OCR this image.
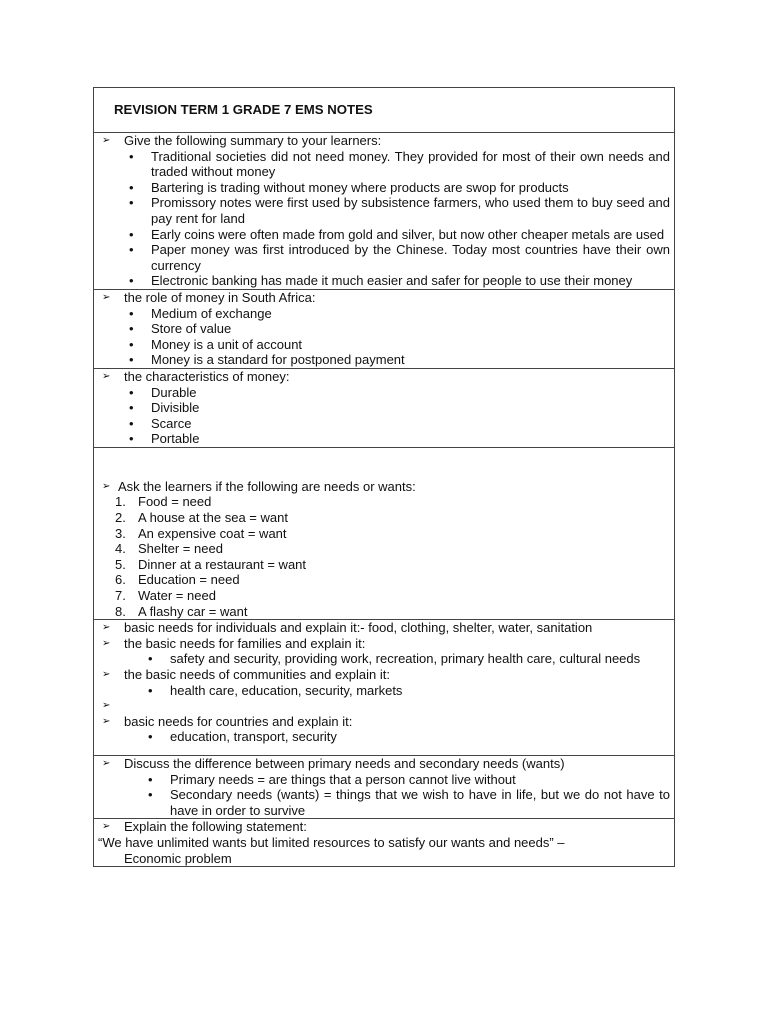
REVISION TERM 1 GRADE 7 EMS NOTES

➢ Give the following summary to your learners:
• Traditional societies did not need money. They provided for most of their own needs and traded without money
• Bartering is trading without money where products are swop for products
• Promissory notes were first used by subsistence farmers, who used them to buy seed and pay rent for land
• Early coins were often made from gold and silver, but now other cheaper metals are used
• Paper money was first introduced by the Chinese. Today most countries have their own currency
• Electronic banking has made it much easier and safer for people to use their money

➢ the role of money in South Africa:
• Medium of exchange
• Store of value
• Money is a unit of account
• Money is a standard for postponed payment

➢ the characteristics of money:
• Durable
• Divisible
• Scarce
• Portable

➢ Ask the learners if the following are needs or wants:
1. Food = need
2. A house at the sea = want
3. An expensive coat = want
4. Shelter = need
5. Dinner at a restaurant = want
6. Education = need
7. Water = need
8. A flashy car = want

➢ basic needs for individuals and explain it:- food, clothing, shelter, water, sanitation
➢ the basic needs for families and explain it:
• safety and security, providing work, recreation, primary health care, cultural needs
➢ the basic needs of communities and explain it:
• health care, education, security, markets
➢

➢ basic needs for countries and explain it:
• education, transport, security

➢ Discuss the difference between primary needs and secondary needs (wants)
• Primary needs = are things that a person cannot live without
• Secondary needs (wants) = things that we wish to have in life, but we do not have to have in order to survive

➢ Explain the following statement:
“We have unlimited wants but limited resources to satisfy our wants and needs” –
Economic problem
